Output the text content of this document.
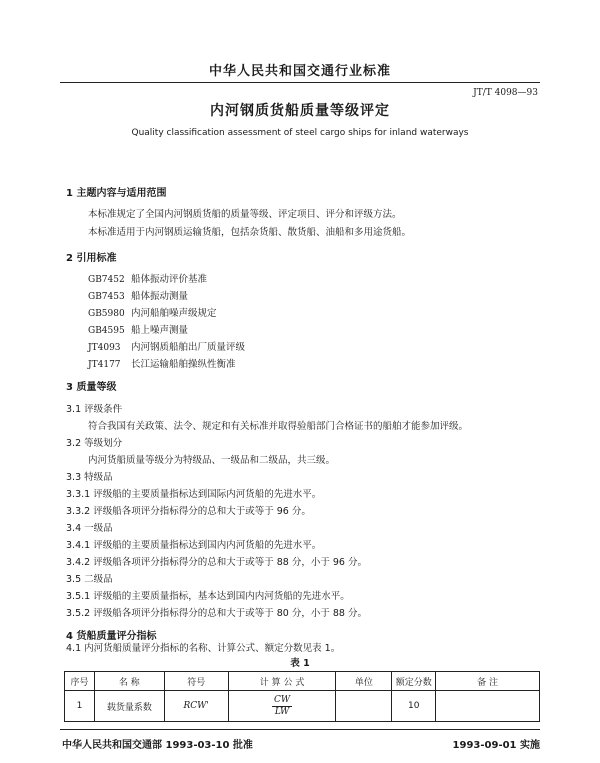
中华人民共和国交通行业标准
JT/T 4098—93
内河钢质货船质量等级评定
Quality classification assessment of steel cargo ships for inland waterways
1 主题内容与适用范围
本标准规定了全国内河钢质货船的质量等级、评定项目、评分和评级方法。
本标准适用于内河钢质运输货船，包括杂货船、散货船、油船和多用途货船。
2 引用标准
GB7452 船体振动评价基准
GB7453 船体振动测量
GB5980 内河船舶噪声级规定
GB4595 船上噪声测量
JT4093 内河钢质船舶出厂质量评级
JT4177 长江运输船舶操纵性衡准
3 质量等级
3.1 评级条件
符合我国有关政策、法令、规定和有关标准并取得验船部门合格证书的船舶才能参加评级。
3.2 等级划分
内河货船质量等级分为特级品、一级品和二级品，共三级。
3.3 特级品
3.3.1 评级船的主要质量指标达到国际内河货船的先进水平。
3.3.2 评级船各项评分指标得分的总和大于或等于 96 分。
3.4 一级品
3.4.1 评级船的主要质量指标达到国内内河货船的先进水平。
3.4.2 评级船各项评分指标得分的总和大于或等于 88 分，小于 96 分。
3.5 二级品
3.5.1 评级船的主要质量指标，基本达到国内内河货船的先进水平。
3.5.2 评级船各项评分指标得分的总和大于或等于 80 分，小于 88 分。
4 货船质量评分指标
4.1 内河货船质量评分指标的名称、计算公式、额定分数见表 1。
表 1
序号	名 称	符号	计 算 公 式	单位	额定分数	备 注
1	载货量系数	RCW'	$\frac{CW}{LW}$		10	
中华人民共和国交通部 1993-03-10 批准	1993-09-01 实施
